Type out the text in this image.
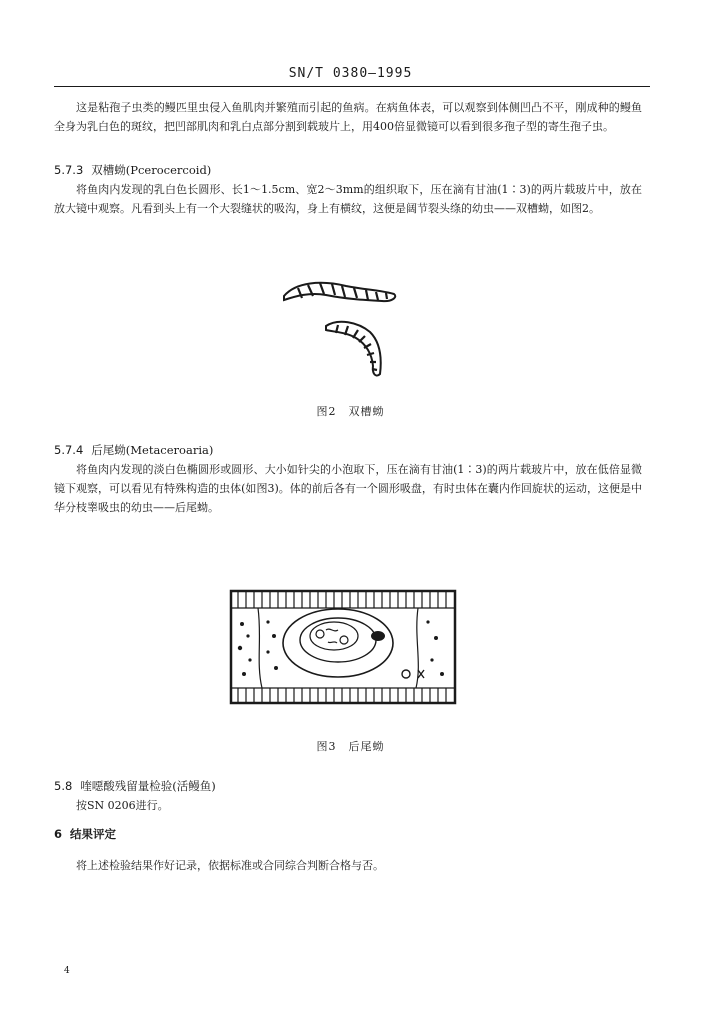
SN/T 0380—1995

这是粘孢子虫类的鳗匹里虫侵入鱼肌肉并繁殖而引起的鱼病。在病鱼体表，可以观察到体侧凹凸不平，刚成种的鳗鱼全身为乳白色的斑纹，把凹部肌肉和乳白点部分割到载玻片上，用400倍显微镜可以看到很多孢子型的寄生孢子虫。

5.7.3 双槽蚴(Pcerocercoid)

将鱼肉内发现的乳白色长圆形、长1～1.5cm、宽2～3mm的组织取下，压在滴有甘油(1∶3)的两片载玻片中，放在放大镜中观察。凡看到头上有一个大裂缝状的吸沟，身上有横纹，这便是阔节裂头绦的幼虫——双槽蚴，如图2。

图2　双槽蚴
5.7.4 后尾蚴(Metaceroaria)

将鱼肉内发现的淡白色椭圆形或圆形、大小如针尖的小泡取下，压在滴有甘油(1∶3)的两片载玻片中，放在低倍显微镜下观察，可以看见有特殊构造的虫体(如图3)。体的前后各有一个圆形吸盘，有时虫体在囊内作回旋状的运动，这便是中华分枝睾吸虫的幼虫——后尾蚴。

图3　后尾蚴
5.8 喹噁酸残留量检验(活鳗鱼)

按SN 0206进行。

6 结果评定

将上述检验结果作好记录，依据标准或合同综合判断合格与否。

4
